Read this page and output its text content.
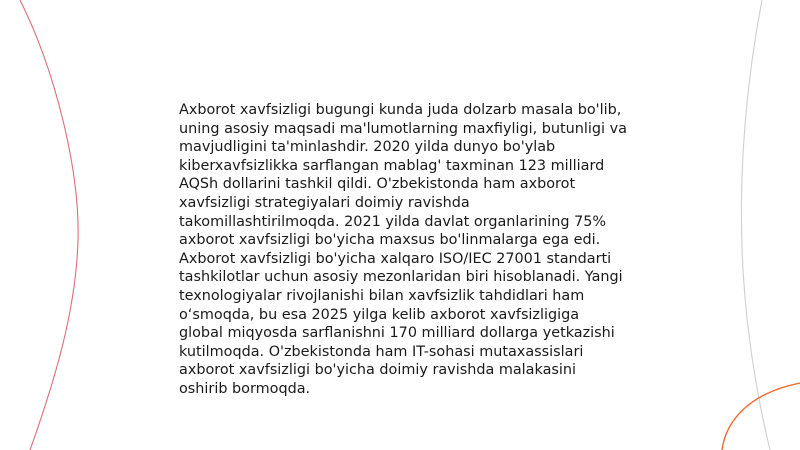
Axborot xavfsizligi bugungi kunda juda dolzarb masala bo'lib, uning asosiy maqsadi ma'lumotlarning maxfiyligi, butunligi va mavjudligini ta'minlashdir. 2020 yilda dunyo bo'ylab kiberxavfsizlikka sarflangan mablag' taxminan 123 milliard AQSh dollarini tashkil qildi. O'zbekistonda ham axborot xavfsizligi strategiyalari doimiy ravishda takomillashtirilmoqda. 2021 yilda davlat organlarining 75% axborot xavfsizligi bo'yicha maxsus bo'linmalarga ega edi. Axborot xavfsizligi bo'yicha xalqaro ISO/IEC 27001 standarti tashkilotlar uchun asosiy mezonlaridan biri hisoblanadi. Yangi texnologiyalar rivojlanishi bilan xavfsizlik tahdidlari ham o‘smoqda, bu esa 2025 yilga kelib axborot xavfsizligiga global miqyosda sarflanishni 170 milliard dollarga yetkazishi kutilmoqda. O'zbekistonda ham IT-sohasi mutaxassislari axborot xavfsizligi bo'yicha doimiy ravishda malakasini oshirib bormoqda.
